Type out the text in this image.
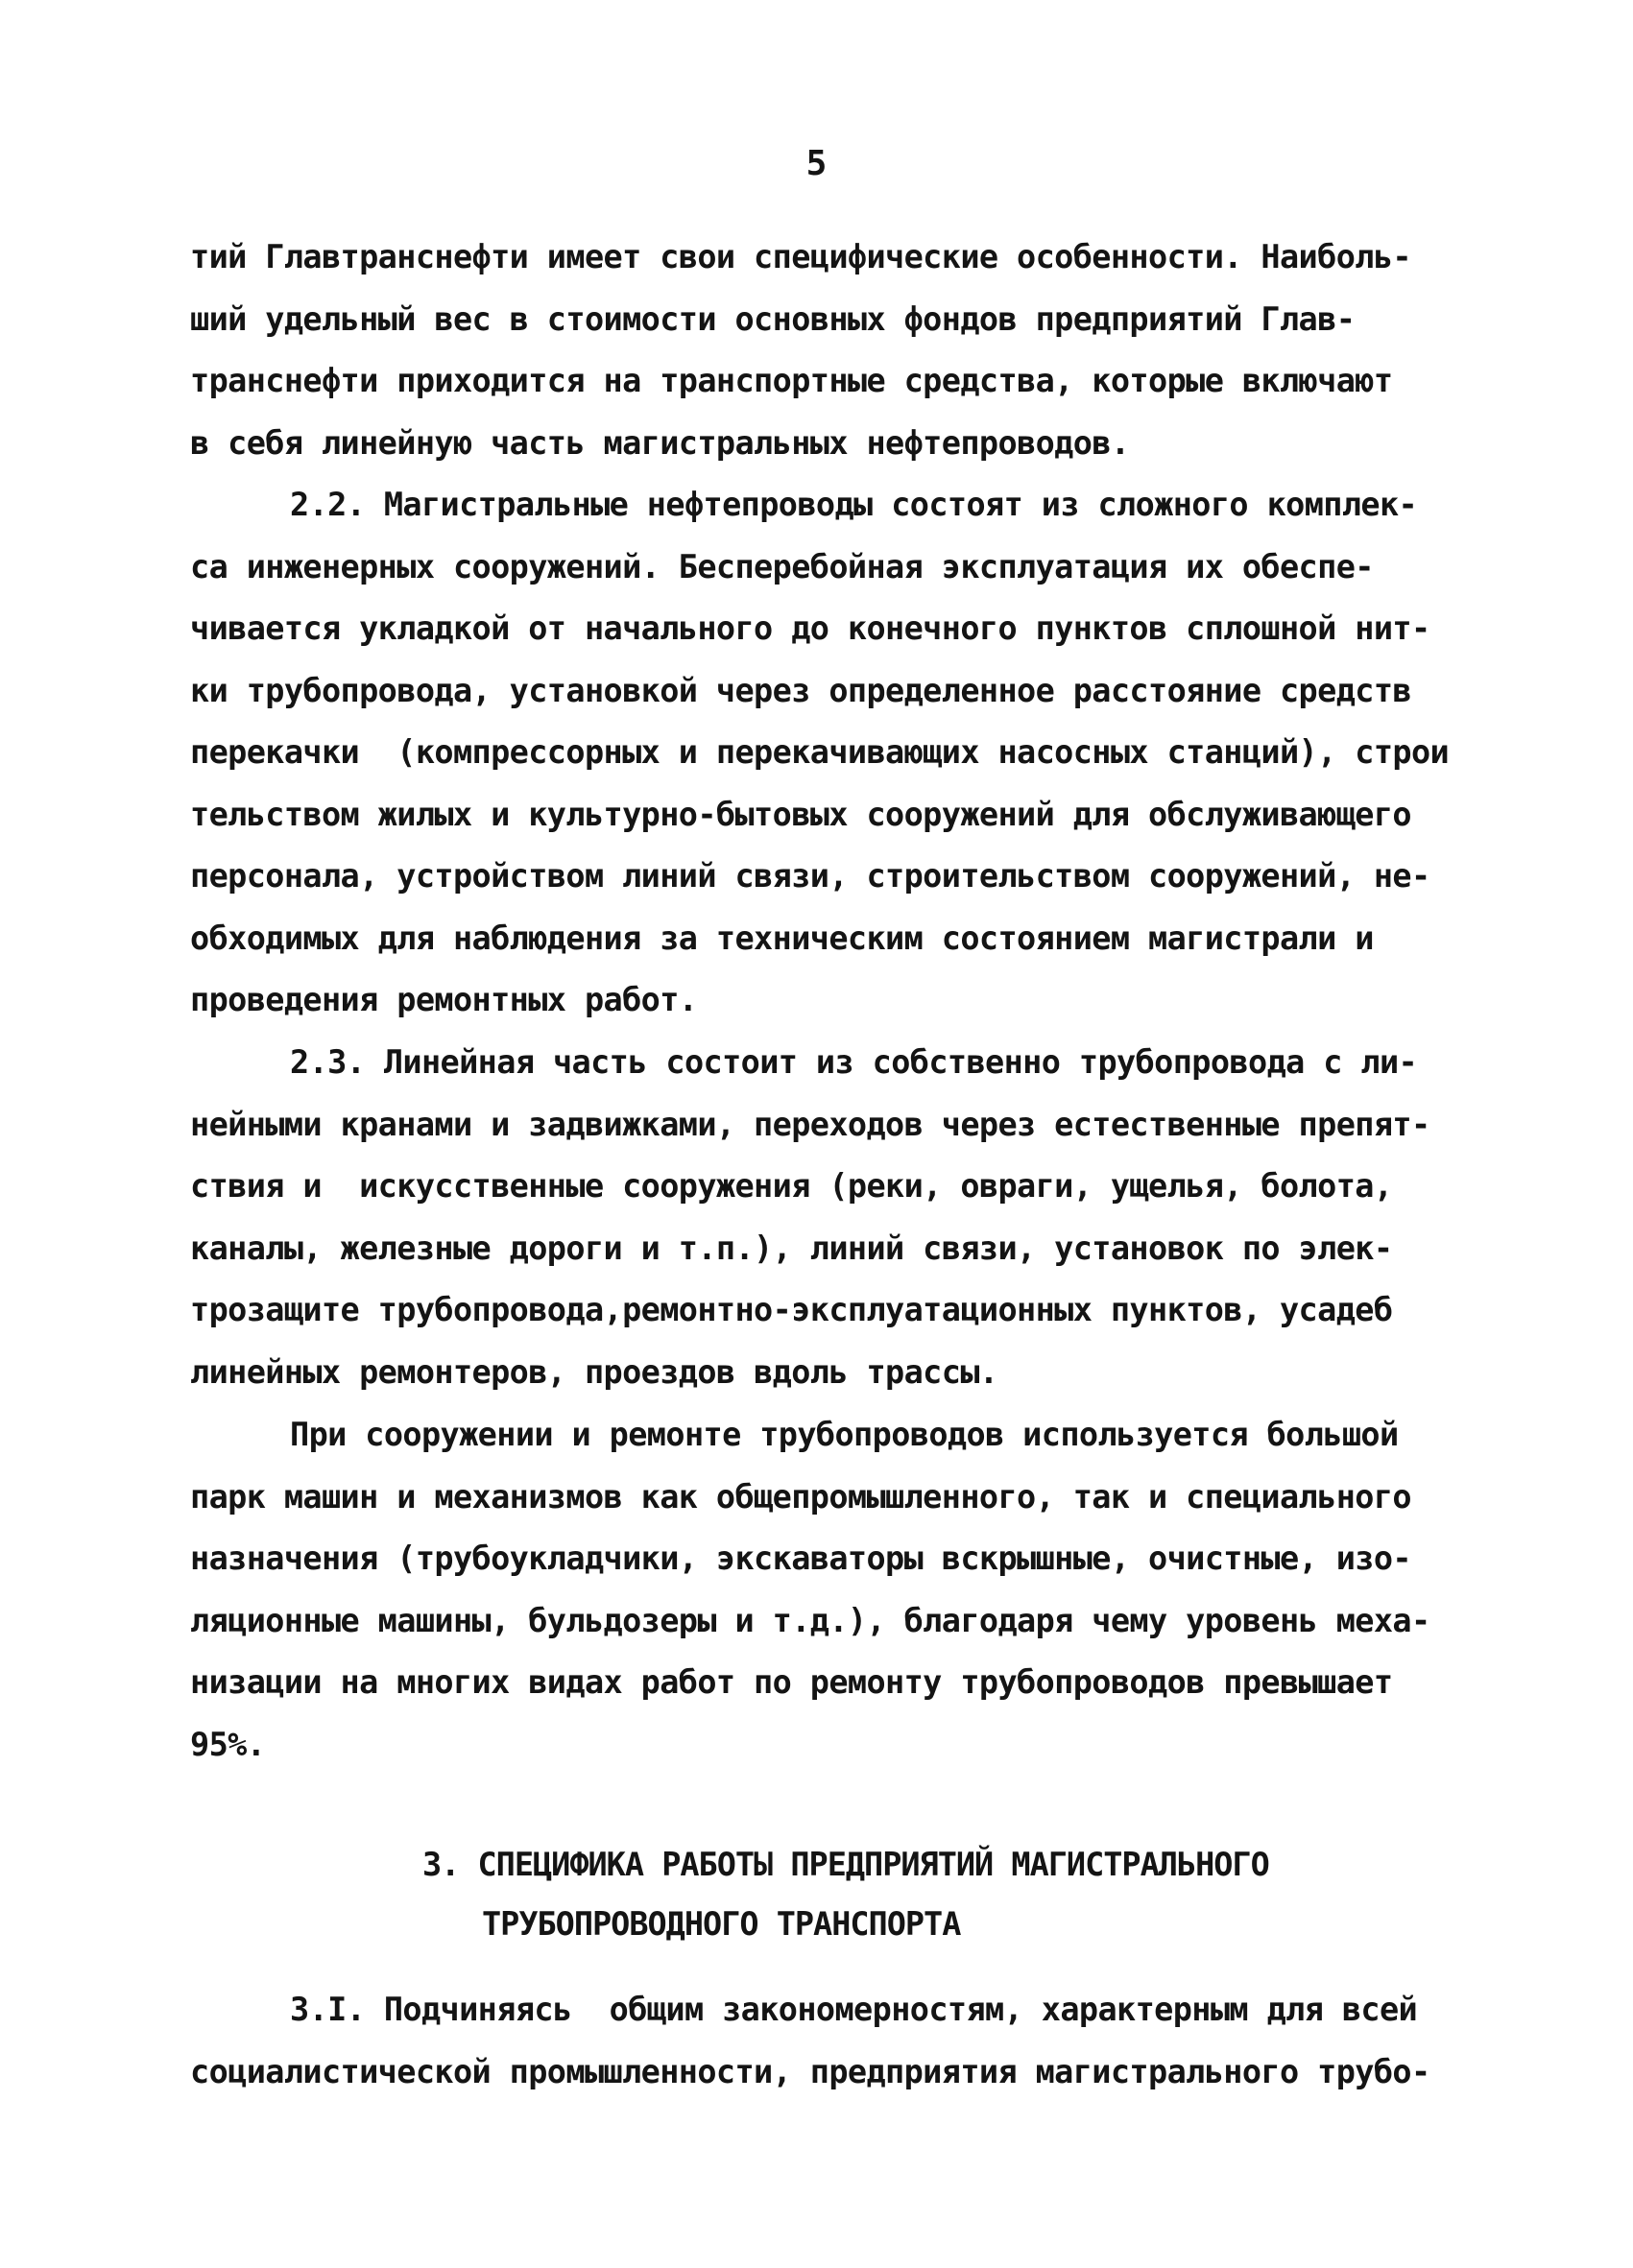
5
тий Главтранснефти имеет свои специфические особенности. Наиболь-
ший удельный вес в стоимости основных фондов предприятий Глав-
транснефти приходится на транспортные средства, которые включают
в себя линейную часть магистральных нефтепроводов.
2.2. Магистральные нефтепроводы состоят из сложного комплек-
са инженерных сооружений. Бесперебойная эксплуатация их обеспе-
чивается укладкой от начального до конечного пунктов сплошной нит-
ки трубопровода, установкой через определенное расстояние средств
перекачки  (компрессорных и перекачивающих насосных станций), строи
тельством жилых и культурно-бытовых сооружений для обслуживающего
персонала, устройством линий связи, строительством сооружений, не-
обходимых для наблюдения за техническим состоянием магистрали и
проведения ремонтных работ.
2.3. Линейная часть состоит из собственно трубопровода с ли-
нейными кранами и задвижками, переходов через естественные препят-
ствия и  искусственные сооружения (реки, овраги, ущелья, болота,
каналы, железные дороги и т.п.), линий связи, установок по элек-
трозащите трубопровода,ремонтно-эксплуатационных пунктов, усадеб
линейных ремонтеров, проездов вдоль трассы.
При сооружении и ремонте трубопроводов используется большой
парк машин и механизмов как общепромышленного, так и специального
назначения (трубоукладчики, экскаваторы вскрышные, очистные, изо-
ляционные машины, бульдозеры и т.д.), благодаря чему уровень меха-
низации на многих видах работ по ремонту трубопроводов превышает
95%.
3. СПЕЦИФИКА РАБОТЫ ПРЕДПРИЯТИЙ МАГИСТРАЛЬНОГО
ТРУБОПРОВОДНОГО ТРАНСПОРТА
3.I. Подчиняясь  общим закономерностям, характерным для всей
социалистической промышленности, предприятия магистрального трубо-
